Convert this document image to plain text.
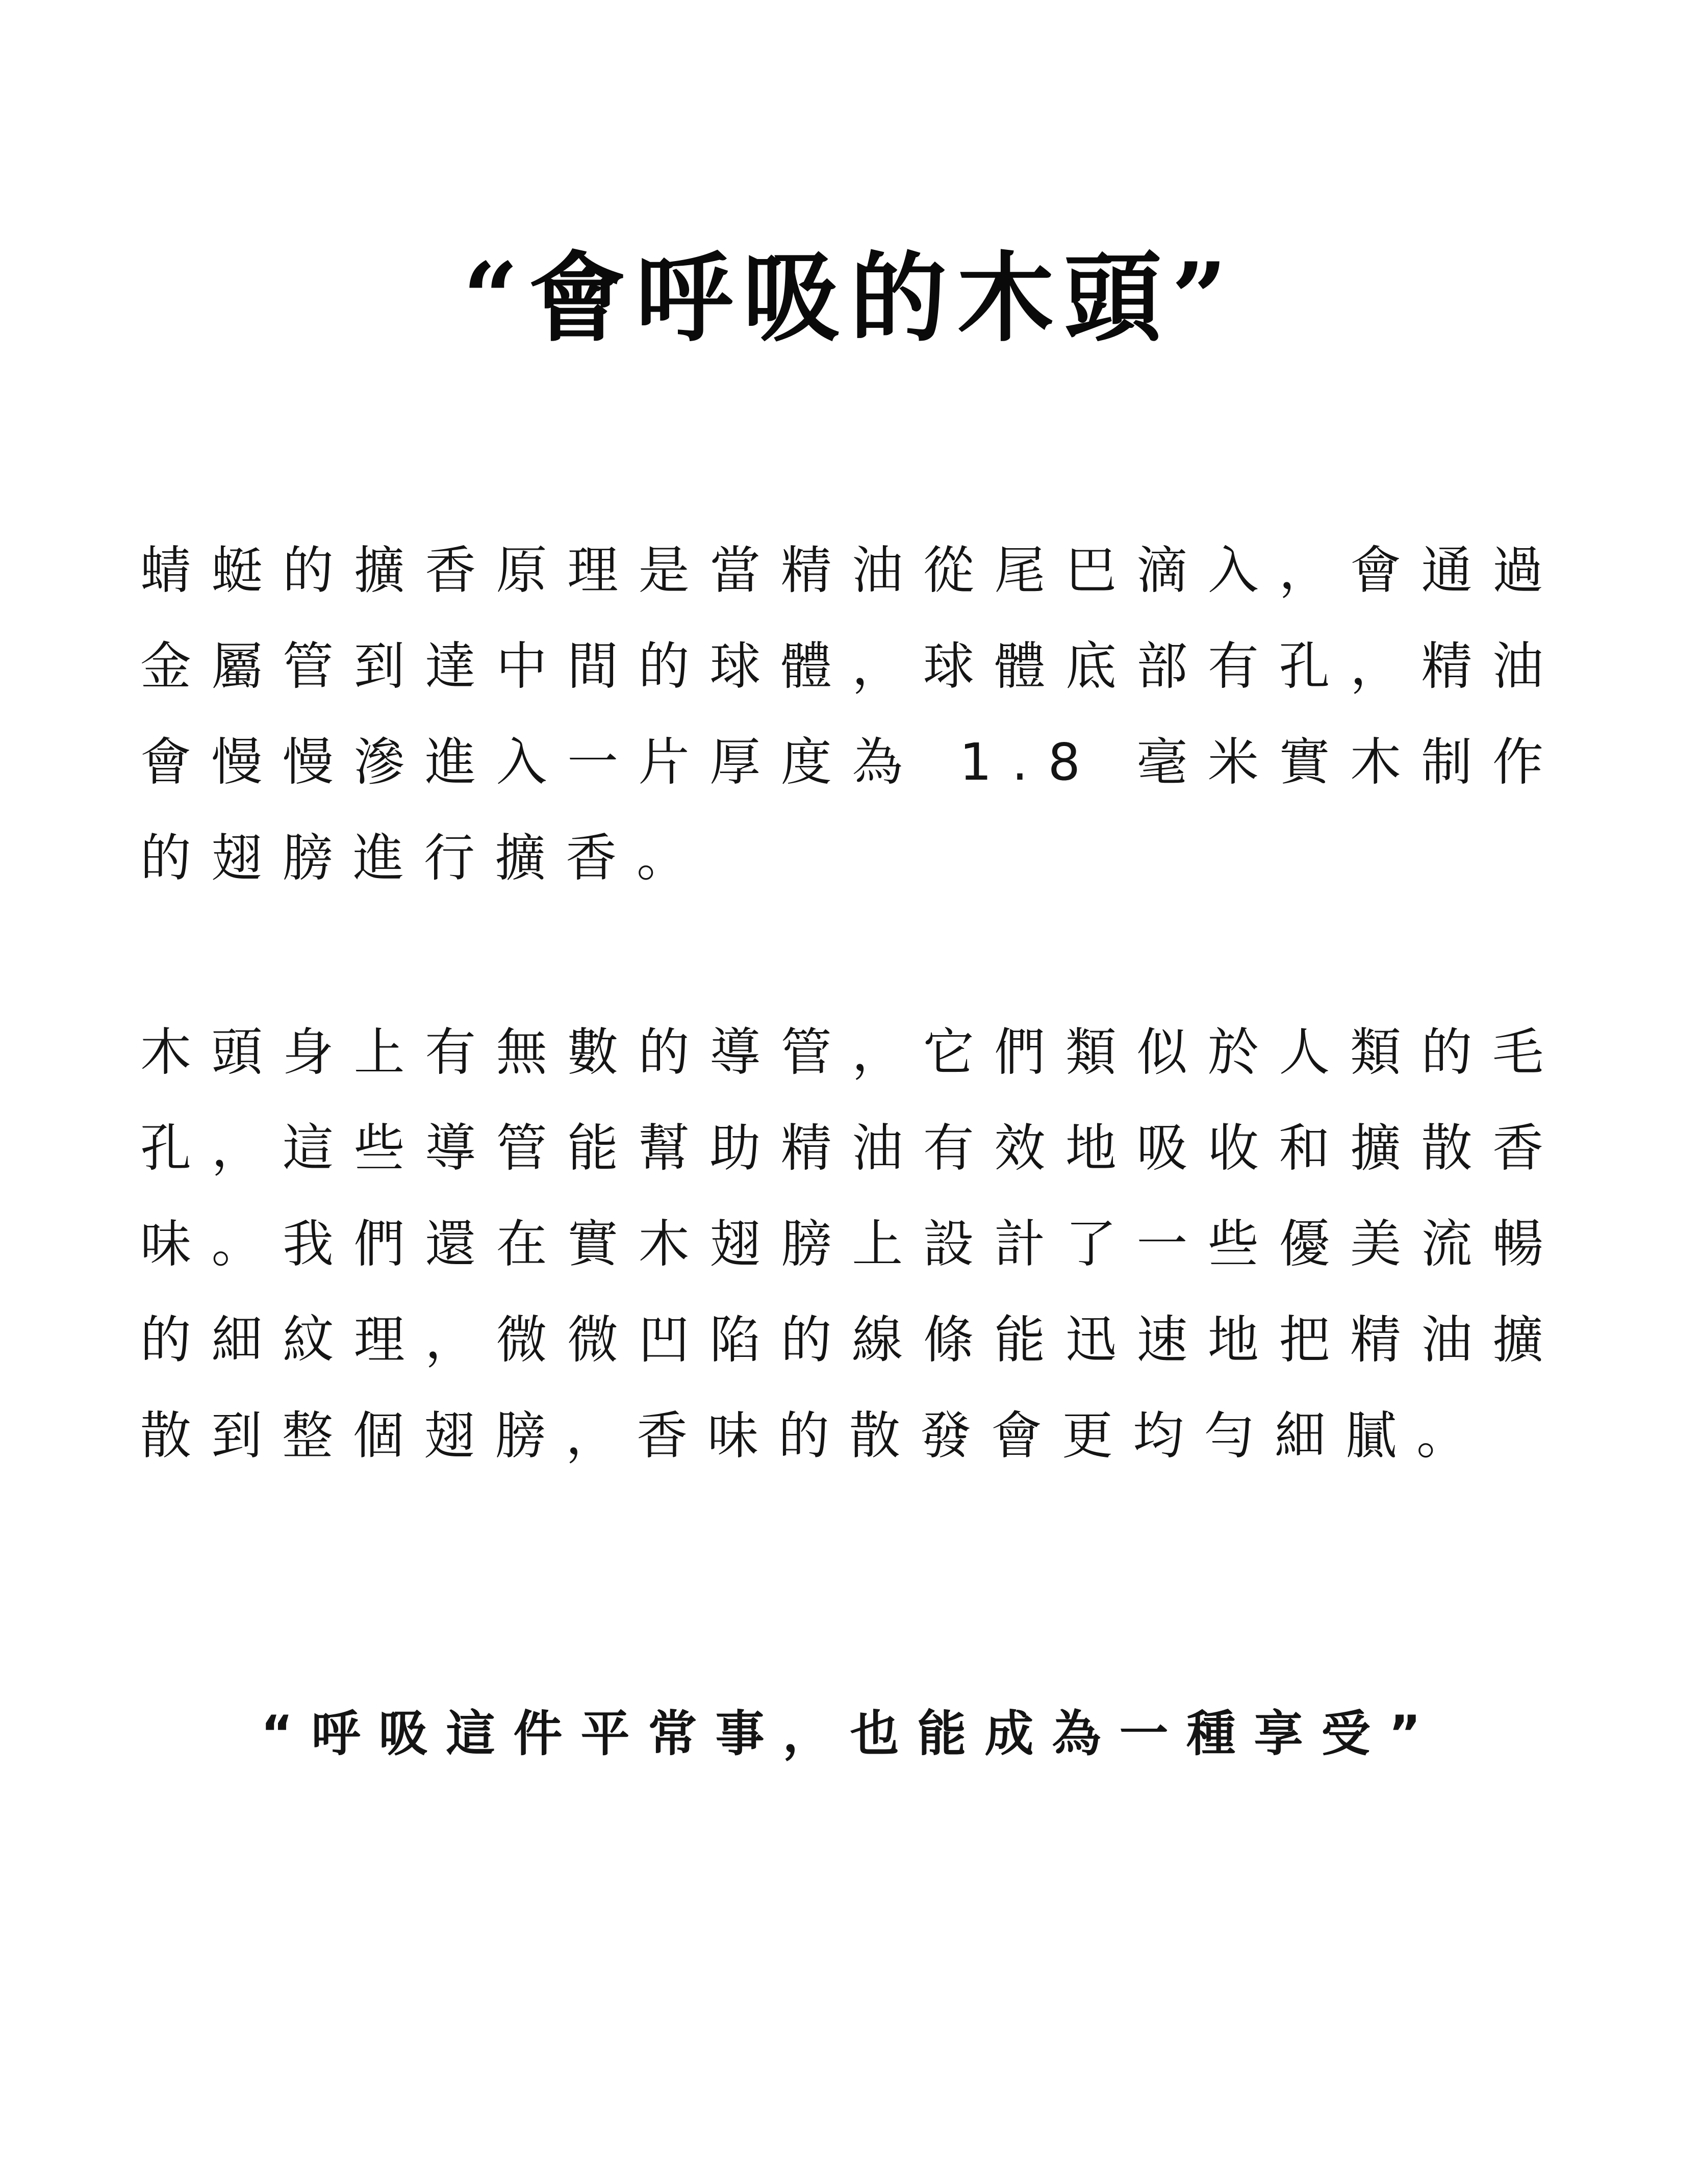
“會呼吸的木頭”

蜻蜓的擴香原理是當精油從尾巴滴入，會通過金屬管到達中間的球體，球體底部有孔，精油會慢慢滲進入一片厚度為 1.8 毫米實木制作的翅膀進行擴香。

木頭身上有無數的導管，它們類似於人類的毛孔，這些導管能幫助精油有效地吸收和擴散香味。我們還在實木翅膀上設計了一些優美流暢的細紋理，微微凹陷的線條能迅速地把精油擴散到整個翅膀，香味的散發會更均勻細膩。

“呼吸這件平常事，也能成為一種享受”
